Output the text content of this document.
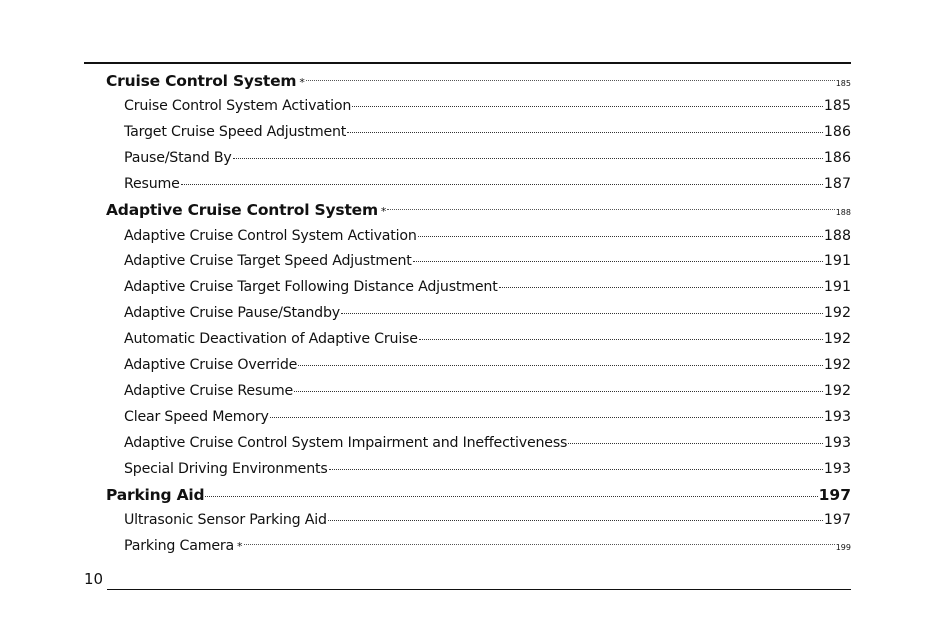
Cruise Control System *	185
Cruise Control System Activation	185
Target Cruise Speed Adjustment	186
Pause/Stand By	186
Resume	187
Adaptive Cruise Control System *	188
Adaptive Cruise Control System Activation	188
Adaptive Cruise Target Speed Adjustment	191
Adaptive Cruise Target Following Distance Adjustment	191
Adaptive Cruise Pause/Standby	192
Automatic Deactivation of Adaptive Cruise	192
Adaptive Cruise Override	192
Adaptive Cruise Resume	192
Clear Speed Memory	193
Adaptive Cruise Control System Impairment and Ineffectiveness	193
Special Driving Environments	193
Parking Aid	197
Ultrasonic Sensor Parking Aid	197
Parking Camera *	199
10
